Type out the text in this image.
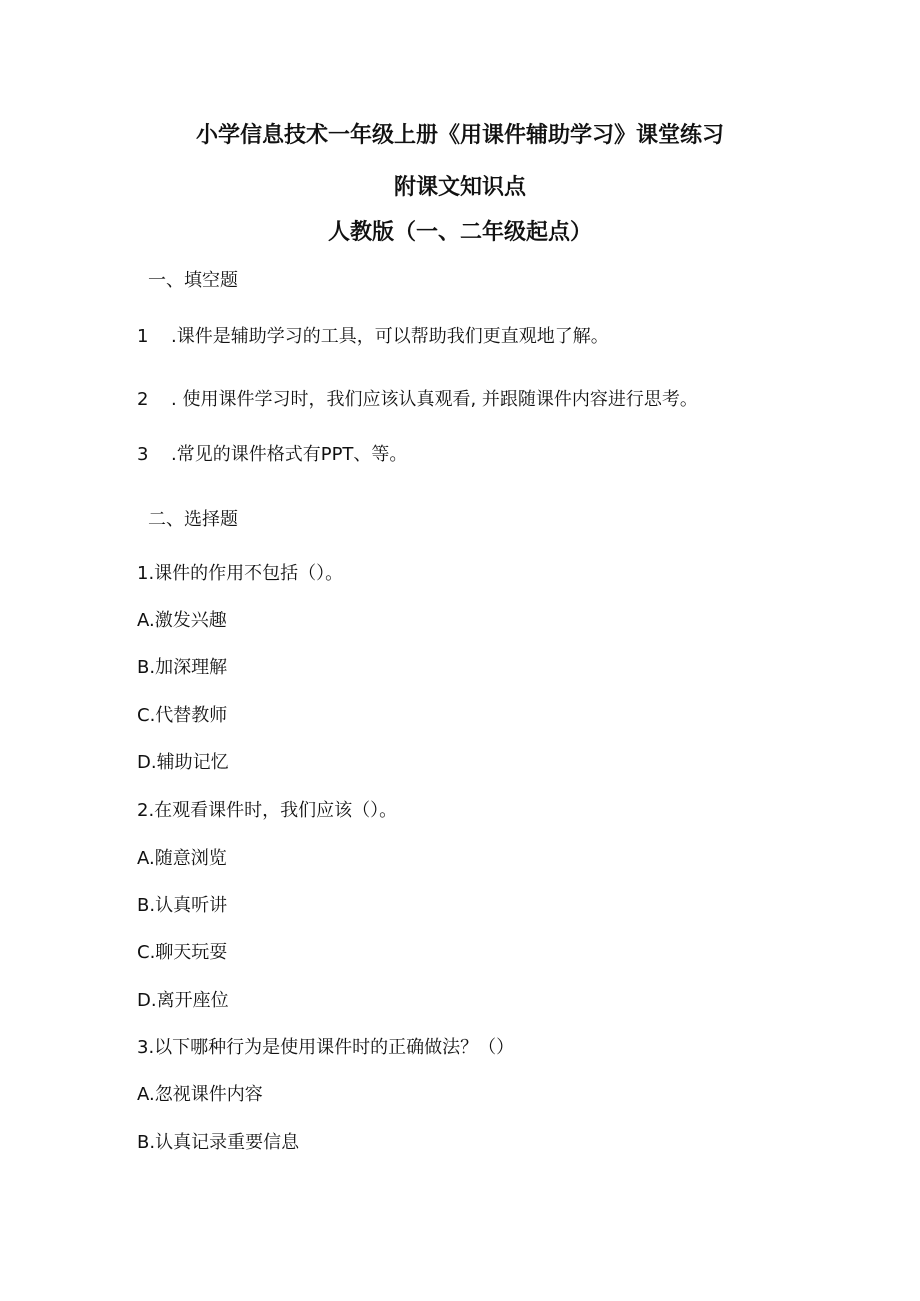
小学信息技术一年级上册《用课件辅助学习》课堂练习
附课文知识点
人教版（一、二年级起点）
一、填空题
1 .课件是辅助学习的工具，可以帮助我们更直观地了解。
2 . 使用课件学习时，我们应该认真观看, 并跟随课件内容进行思考。
3 .常见的课件格式有PPT、等。
二、选择题
1.课件的作用不包括（）。
A.激发兴趣
B.加深理解
C.代替教师
D.辅助记忆
2.在观看课件时，我们应该（）。
A.随意浏览
B.认真听讲
C.聊天玩耍
D.离开座位
3.以下哪种行为是使用课件时的正确做法？（）
A.忽视课件内容
B.认真记录重要信息
